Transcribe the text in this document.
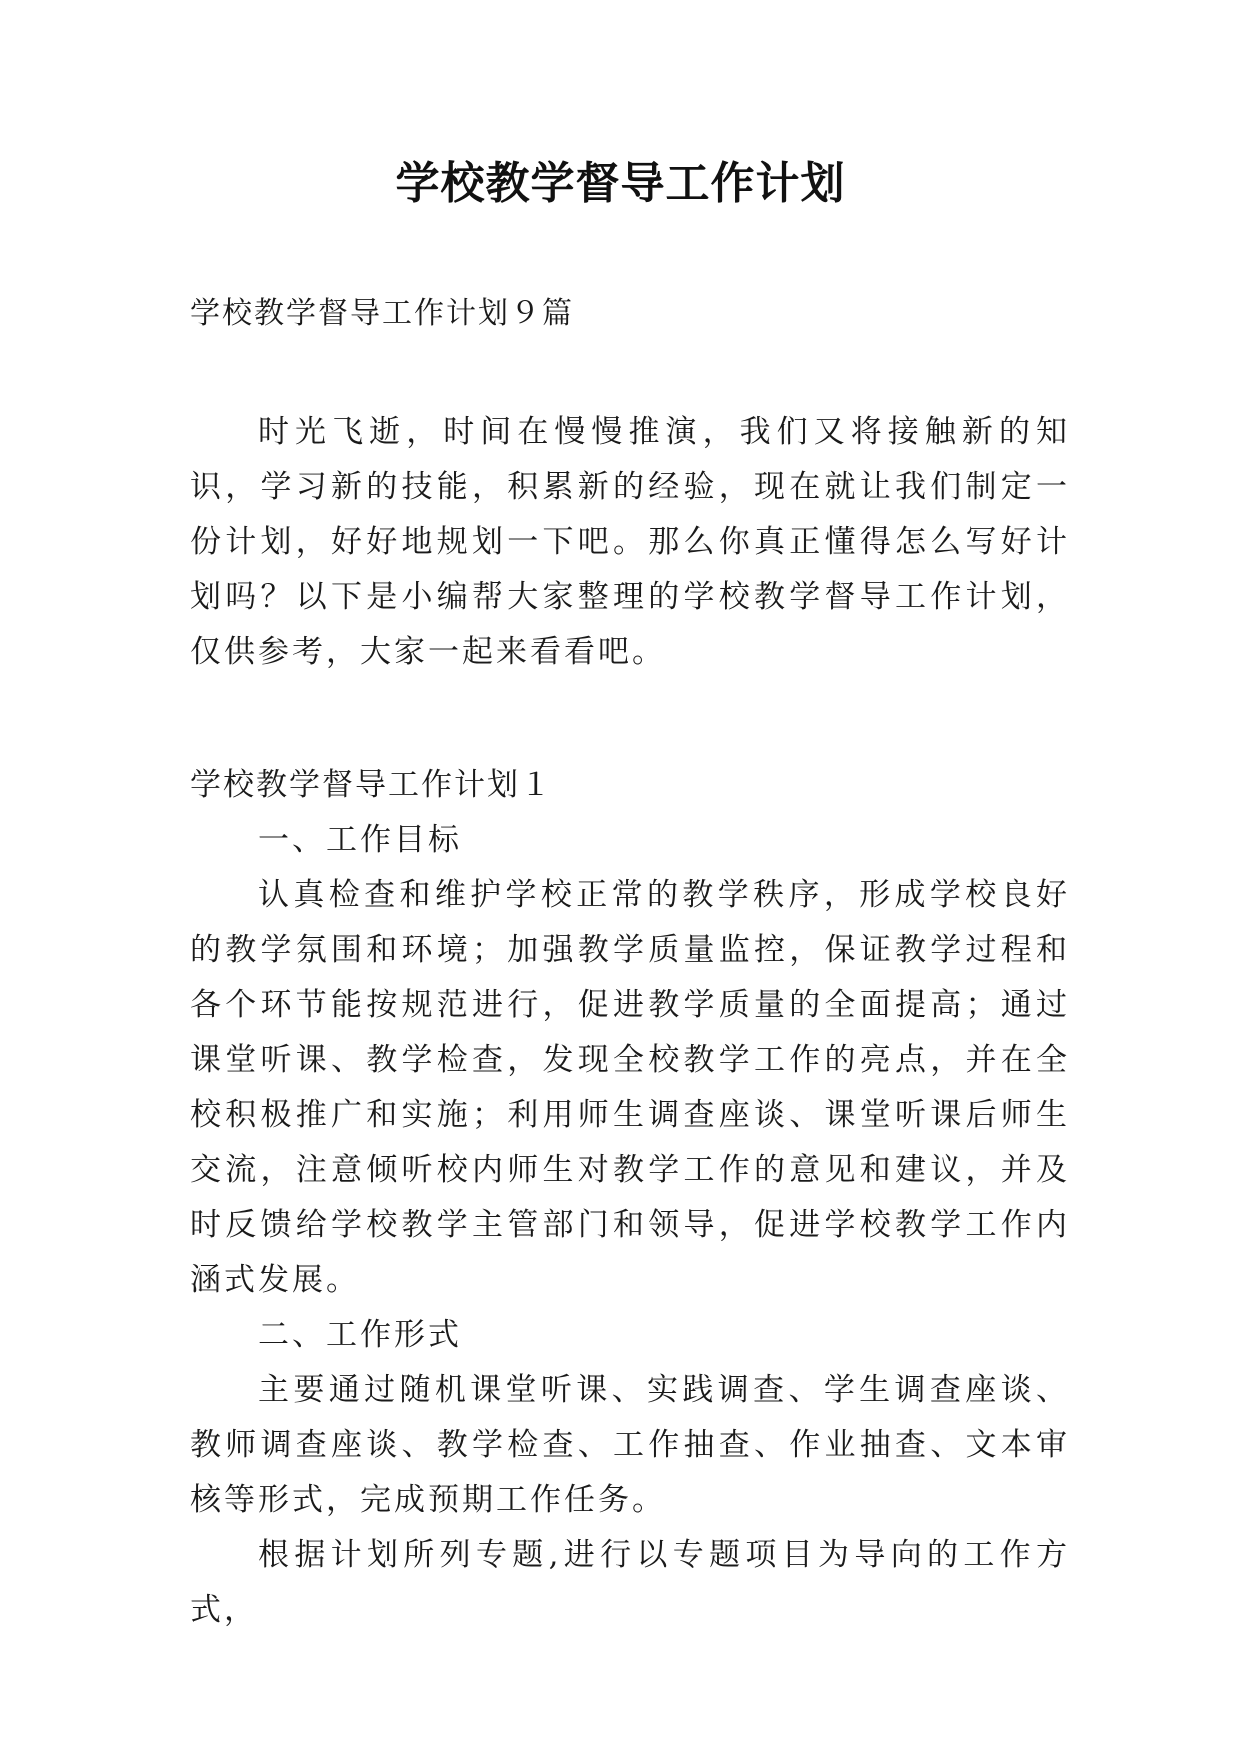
学校教学督导工作计划

学校教学督导工作计划９篇

时光飞逝，时间在慢慢推演，我们又将接触新的知识，学习新的技能，积累新的经验，现在就让我们制定一份计划，好好地规划一下吧。那么你真正懂得怎么写好计划吗？以下是小编帮大家整理的学校教学督导工作计划，仅供参考，大家一起来看看吧。

学校教学督导工作计划１

一、工作目标

认真检查和维护学校正常的教学秩序，形成学校良好的教学氛围和环境；加强教学质量监控，保证教学过程和各个环节能按规范进行，促进教学质量的全面提高；通过课堂听课、教学检查，发现全校教学工作的亮点，并在全校积极推广和实施；利用师生调查座谈、课堂听课后师生交流，注意倾听校内师生对教学工作的意见和建议，并及时反馈给学校教学主管部门和领导，促进学校教学工作内涵式发展。

二、工作形式

主要通过随机课堂听课、实践调查、学生调查座谈、教师调查座谈、教学检查、工作抽查、作业抽查、文本审核等形式，完成预期工作任务。

根据计划所列专题,进行以专题项目为导向的工作方式，
